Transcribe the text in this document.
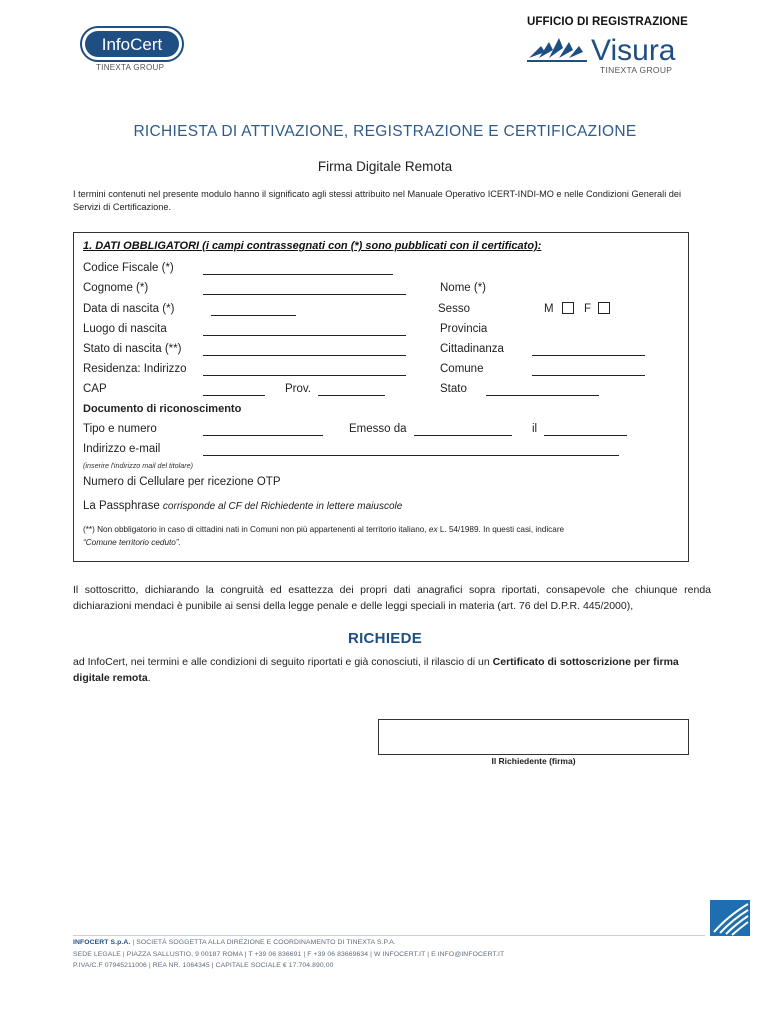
InfoCert
TINEXTA GROUP
UFFICIO DI REGISTRAZIONE
Visura
TINEXTA GROUP
RICHIESTA DI ATTIVAZIONE, REGISTRAZIONE E CERTIFICAZIONE
Firma Digitale Remota
I termini contenuti nel presente modulo hanno il significato agli stessi attribuito nel Manuale Operativo ICERT-INDI-MO e nelle Condizioni Generali dei Servizi di Certificazione.
1. DATI OBBLIGATORI (i campi contrassegnati con (*) sono pubblicati con il certificato):
Codice Fiscale (*)
Cognome (*)	Nome (*)
Data di nascita (*)	Sesso	M	F
Luogo di nascita	Provincia
Stato di nascita (**)	Cittadinanza
Residenza: Indirizzo	Comune
CAP	Prov.	Stato
Documento di riconoscimento
Tipo e numero	Emesso da	il
Indirizzo e-mail
(inserire l'indirizzo mail del titolare)
Numero di Cellulare per ricezione OTP
La Passphrase corrisponde al CF del Richiedente in lettere maiuscole
(**) Non obbligatorio in caso di cittadini nati in Comuni non più appartenenti al territorio italiano, ex L. 54/1989. In questi casi, indicare
“Comune territorio ceduto”.
Il sottoscritto, dichiarando la congruità ed esattezza dei propri dati anagrafici sopra riportati, consapevole che chiunque renda dichiarazioni mendaci è punibile ai sensi della legge penale e delle leggi speciali in materia (art. 76 del D.P.R. 445/2000),
RICHIEDE
ad InfoCert, nei termini e alle condizioni di seguito riportati e già conosciuti, il rilascio di un Certificato di sottoscrizione per firma digitale remota.
Il Richiedente (firma)
INFOCERT S.p.A. | SOCIETÀ SOGGETTA ALLA DIREZIONE E COORDINAMENTO DI TINEXTA S.P.A.
SEDE LEGALE | PIAZZA SALLUSTIO, 9 00187 ROMA | T +39 06 836691 | F +39 06 83669634 | W INFOCERT.IT | E INFO@INFOCERT.IT
P.IVA/C.F 07945211006 | REA NR. 1064345 | CAPITALE SOCIALE € 17.704.890,00
